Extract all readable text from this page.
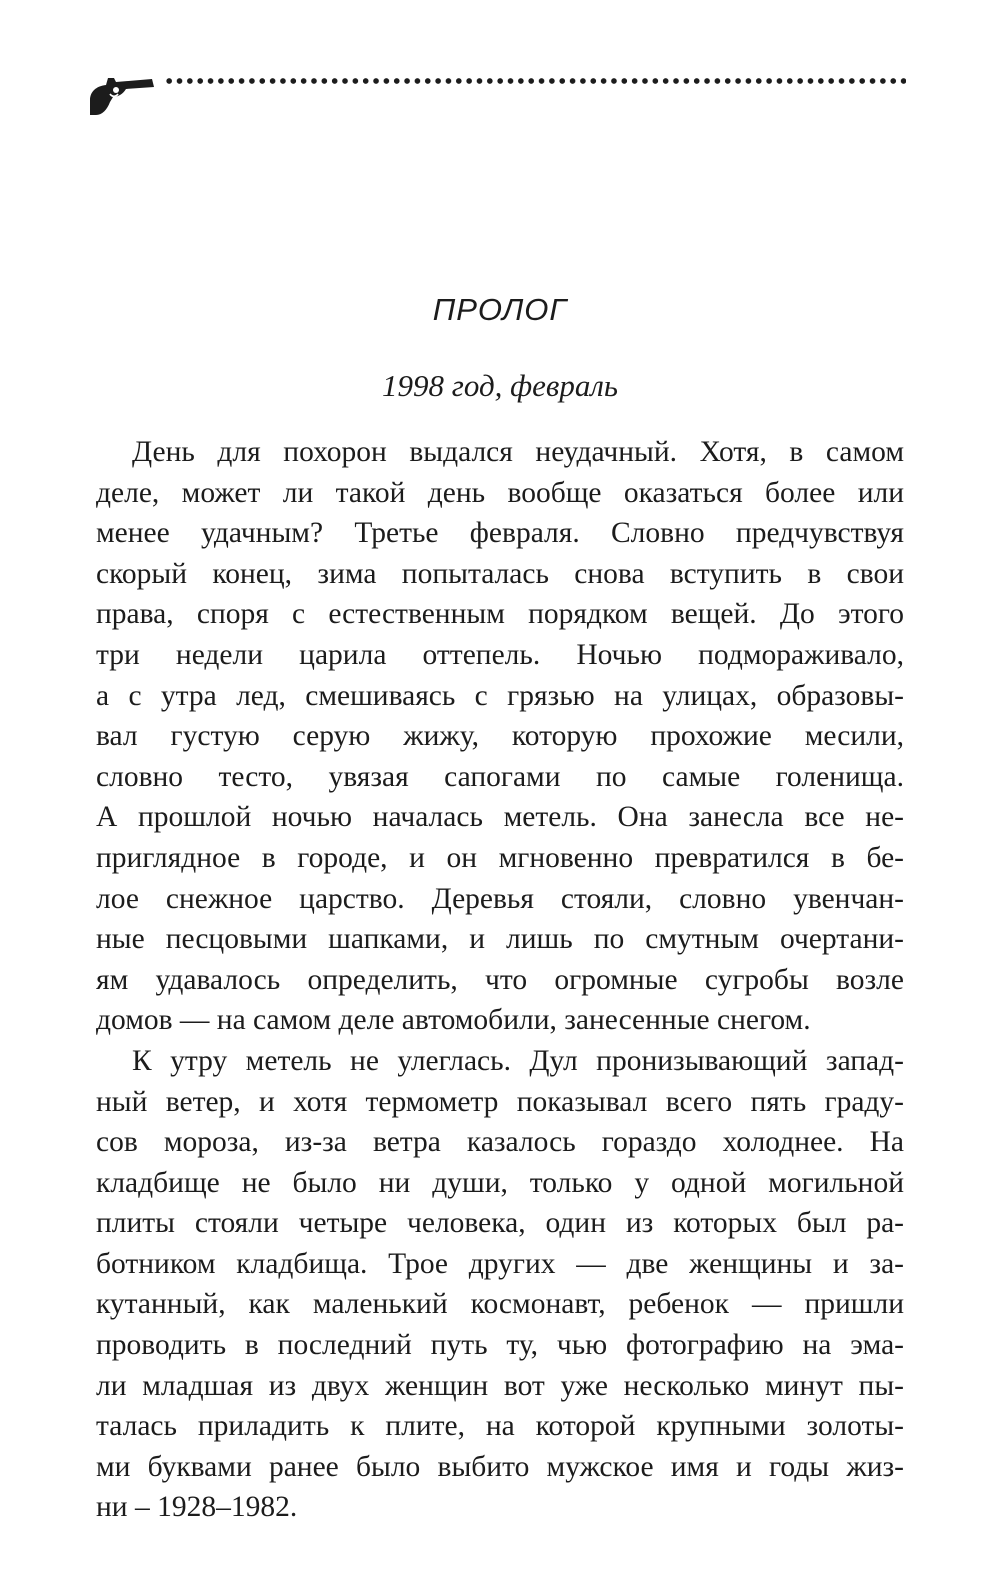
ПРОЛОГ
1998 год, февраль
День для похорон выдался неудачный. Хотя, в самом
деле, может ли такой день вообще оказаться более или
менее удачным? Третье февраля. Словно предчувствуя
скорый конец, зима попыталась снова вступить в свои
права, споря с естественным порядком вещей. До этого
три недели царила оттепель. Ночью подмораживало,
а с утра лед, смешиваясь с грязью на улицах, образовы-
вал густую серую жижу, которую прохожие месили,
словно тесто, увязая сапогами по самые голенища.
А прошлой ночью началась метель. Она занесла все не-
приглядное в городе, и он мгновенно превратился в бе-
лое снежное царство. Деревья стояли, словно увенчан-
ные песцовыми шапками, и лишь по смутным очертани-
ям удавалось определить, что огромные сугробы возле
домов — на самом деле автомобили, занесенные снегом.
К утру метель не улеглась. Дул пронизывающий запад-
ный ветер, и хотя термометр показывал всего пять граду-
сов мороза, из-за ветра казалось гораздо холоднее. На
кладбище не было ни души, только у одной могильной
плиты стояли четыре человека, один из которых был ра-
ботником кладбища. Трое других — две женщины и за-
кутанный, как маленький космонавт, ребенок — пришли
проводить в последний путь ту, чью фотографию на эма-
ли младшая из двух женщин вот уже несколько минут пы-
талась приладить к плите, на которой крупными золоты-
ми буквами ранее было выбито мужское имя и годы жиз-
ни – 1928–1982.
